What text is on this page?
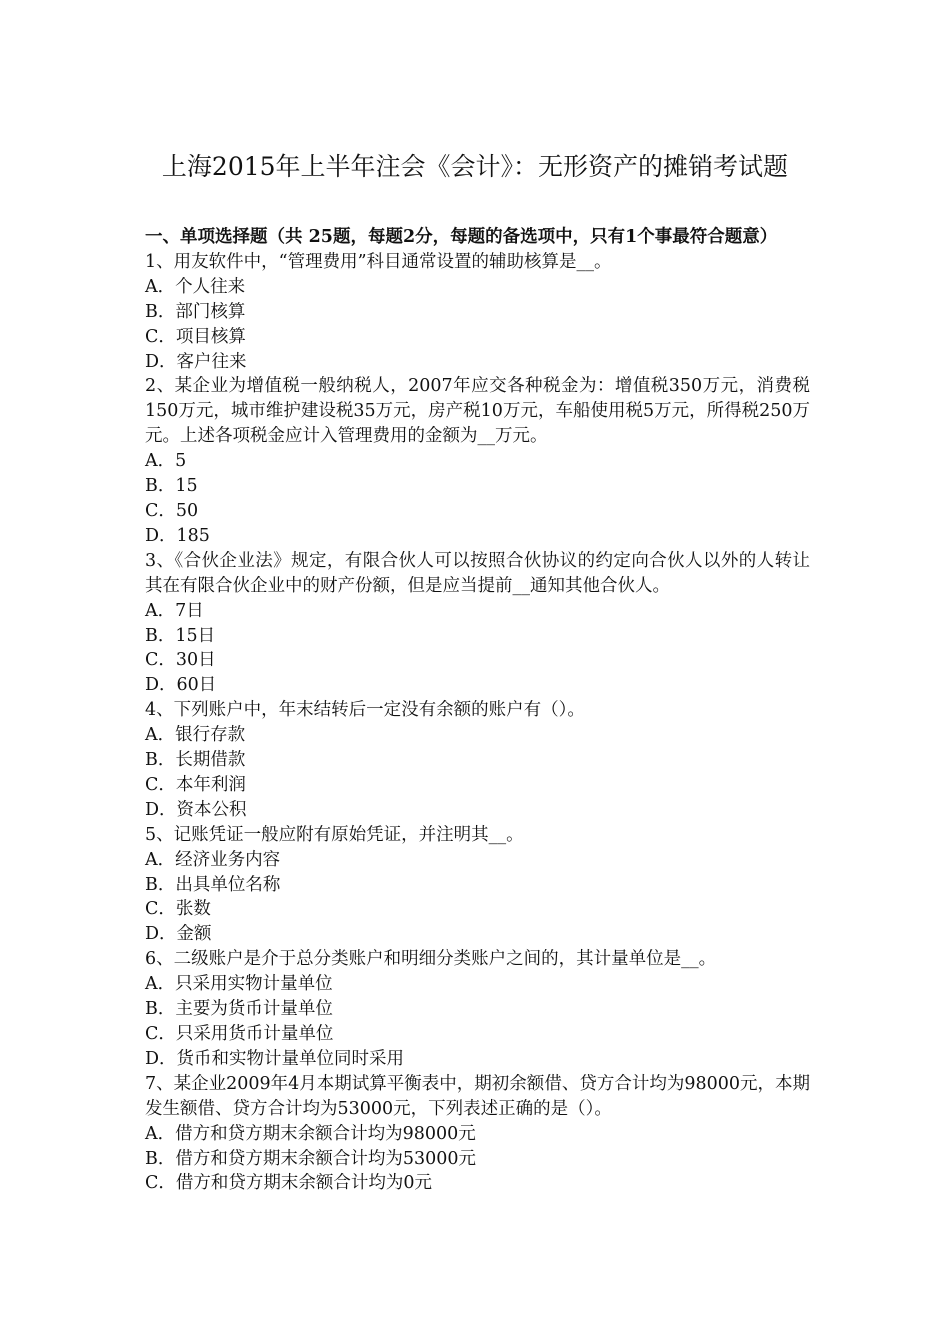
上海2015年上半年注会《会计》：无形资产的摊销考试题

一、单项选择题（共 25题，每题2分，每题的备选项中，只有1个事最符合题意）

1、用友软件中，“管理费用”科目通常设置的辅助核算是__。

A．个人往来

B．部门核算

C．项目核算

D．客户往来

2、某企业为增值税一般纳税人，2007年应交各种税金为：增值税350万元，消费税150万元，城市维护建设税35万元，房产税10万元，车船使用税5万元，所得税250万元。上述各项税金应计入管理费用的金额为__万元。

A．5

B．15

C．50

D．185

3、《合伙企业法》规定，有限合伙人可以按照合伙协议的约定向合伙人以外的人转让其在有限合伙企业中的财产份额，但是应当提前__通知其他合伙人。

A．7日

B．15日

C．30日

D．60日

4、下列账户中，年末结转后一定没有余额的账户有（）。

A．银行存款

B．长期借款

C．本年利润

D．资本公积

5、记账凭证一般应附有原始凭证，并注明其__。

A．经济业务内容

B．出具单位名称

C．张数

D．金额

6、二级账户是介于总分类账户和明细分类账户之间的，其计量单位是__。

A．只采用实物计量单位

B．主要为货币计量单位

C．只采用货币计量单位

D．货币和实物计量单位同时采用

7、某企业2009年4月本期试算平衡表中，期初余额借、贷方合计均为98000元，本期发生额借、贷方合计均为53000元，下列表述正确的是（）。

A．借方和贷方期末余额合计均为98000元

B．借方和贷方期末余额合计均为53000元

C．借方和贷方期末余额合计均为0元
